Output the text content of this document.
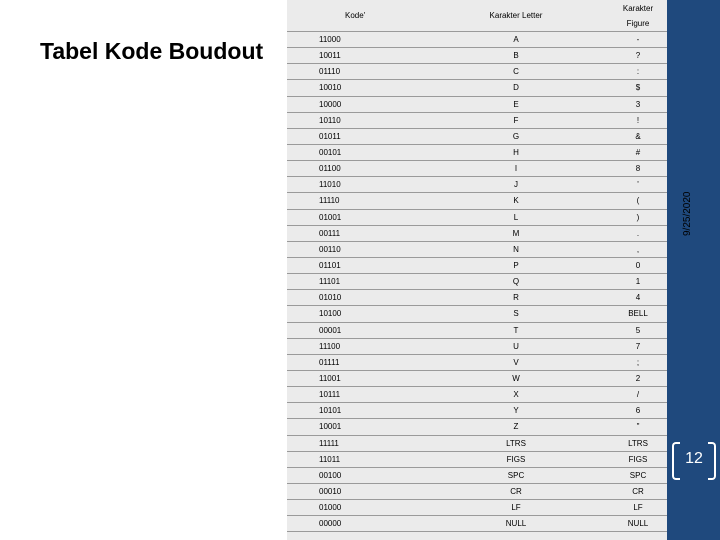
Tabel Kode Boudout
Kode'	Karakter Letter	Karakter
Figure

11000	A	-
10011	B	?
01110	C	:
10010	D	$
10000	E	3
10110	F	!
01011	G	&
00101	H	#
01100	I	8
11010	J	'
11110	K	(
01001	L	)
00111	M	.
00110	N	,
01101	P	0
11101	Q	1
01010	R	4
10100	S	BELL
00001	T	5
11100	U	7
01111	V	;
11001	W	2
10111	X	/
10101	Y	6
10001	Z	"
11111	LTRS	LTRS
11011	FIGS	FIGS
00100	SPC	SPC
00010	CR	CR
01000	LF	LF
00000	NULL	NULL
9/25/2020
12
